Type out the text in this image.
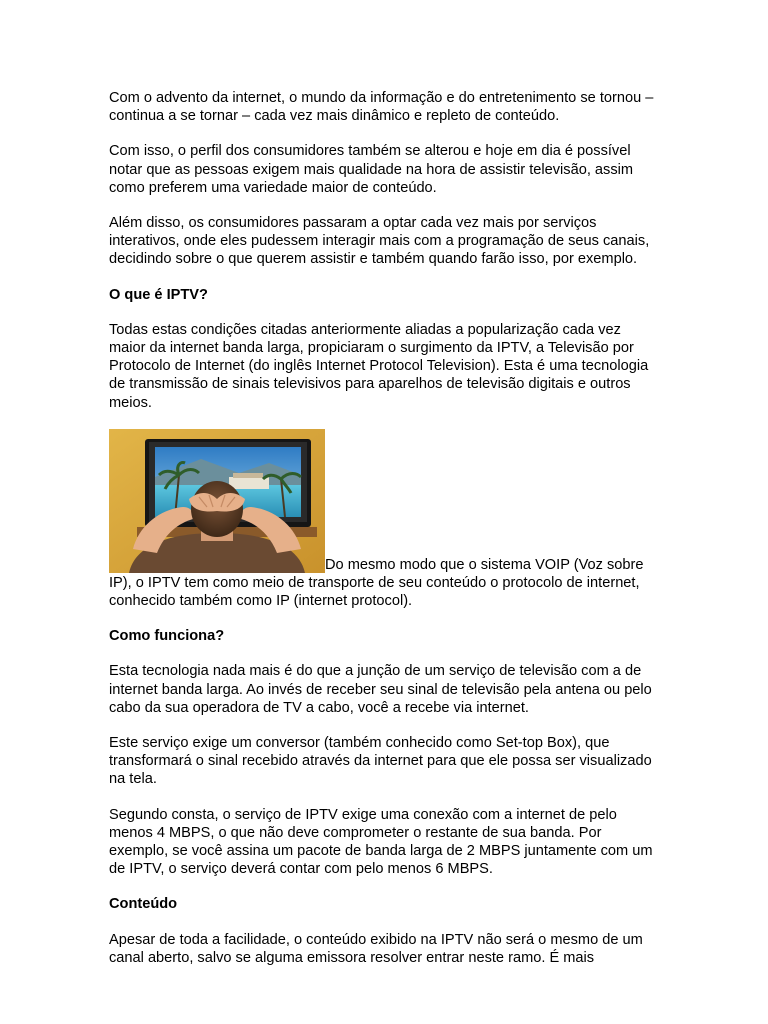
Com o advento da internet, o mundo da informação e do entretenimento se tornou – continua a se tornar – cada vez mais dinâmico e repleto de conteúdo.

Com isso, o perfil dos consumidores também se alterou e hoje em dia é possível notar que as pessoas exigem mais qualidade na hora de assistir televisão, assim como preferem uma variedade maior de conteúdo.

Além disso, os consumidores passaram a optar cada vez mais por serviços interativos, onde eles pudessem interagir mais com a programação de seus canais, decidindo sobre o que querem assistir e também quando farão isso, por exemplo.

O que é IPTV?

Todas estas condições citadas anteriormente aliadas a popularização cada vez maior da internet banda larga, propiciaram o surgimento da IPTV, a Televisão por Protocolo de Internet (do inglês Internet Protocol Television). Esta é uma tecnologia de transmissão de sinais televisivos para aparelhos de televisão digitais e outros meios.

Do mesmo modo que o sistema VOIP (Voz sobre IP), o IPTV tem como meio de transporte de seu conteúdo o protocolo de internet, conhecido também como IP (internet protocol).

Como funciona?

Esta tecnologia nada mais é do que a junção de um serviço de televisão com a de internet banda larga. Ao invés de receber seu sinal de televisão pela antena ou pelo cabo da sua operadora de TV a cabo, você a recebe via internet.

Este serviço exige um conversor (também conhecido como Set-top Box), que transformará o sinal recebido através da internet para que ele possa ser visualizado na tela.

Segundo consta, o serviço de IPTV exige uma conexão com a internet de pelo menos 4 MBPS, o que não deve comprometer o restante de sua banda. Por exemplo, se você assina um pacote de banda larga de 2 MBPS juntamente com um de IPTV, o serviço deverá contar com pelo menos 6 MBPS.

Conteúdo

Apesar de toda a facilidade, o conteúdo exibido na IPTV não será o mesmo de um canal aberto, salvo se alguma emissora resolver entrar neste ramo. É mais
